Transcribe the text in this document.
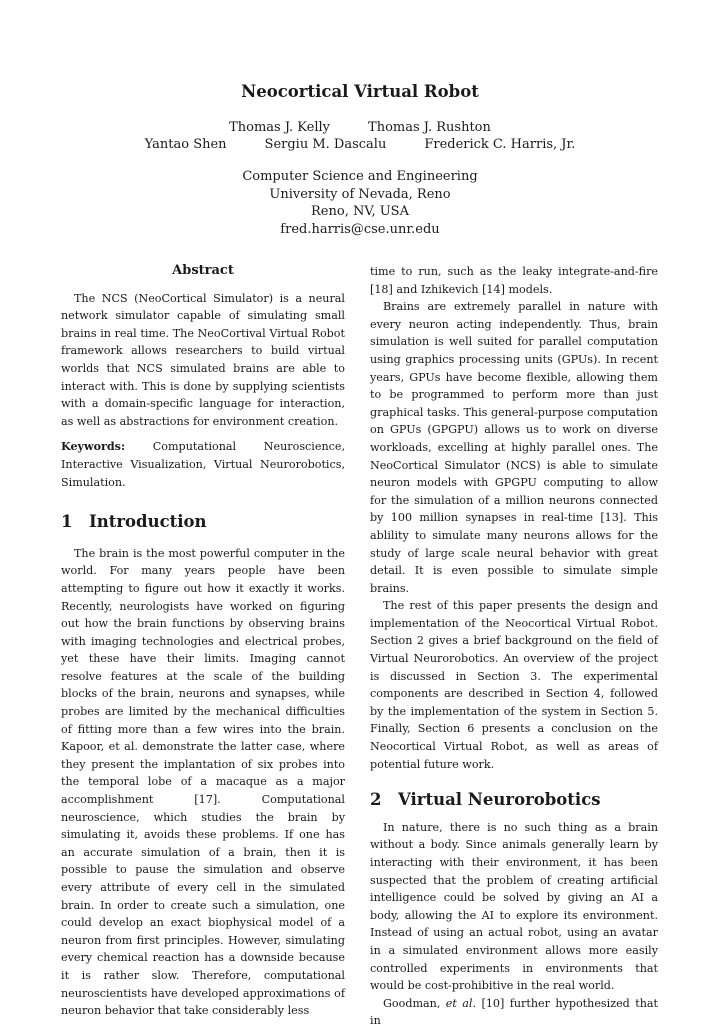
Neocortical Virtual Robot
Thomas J. Kelly	Thomas J. Rushton
Yantao Shen	Sergiu M. Dascalu	Frederick C. Harris, Jr.
Computer Science and Engineering
University of Nevada, Reno
Reno, NV, USA
fred.harris@cse.unr.edu
Abstract

The NCS (NeoCortical Simulator) is a neural network simulator capable of simulating small brains in real time. The NeoCortival Virtual Robot framework allows researchers to build virtual worlds that NCS simulated brains are able to interact with. This is done by supplying scientists with a domain-specific language for interaction, as well as abstractions for environment creation.

Keywords: Computational Neuroscience, Interactive Visualization, Virtual Neurorobotics, Simulation.

1 Introduction

The brain is the most powerful computer in the world. For many years people have been attempting to figure out how it exactly it works. Recently, neurologists have worked on figuring out how the brain functions by observing brains with imaging technologies and electrical probes, yet these have their limits. Imaging cannot resolve features at the scale of the building blocks of the brain, neurons and synapses, while probes are limited by the mechanical difficulties of fitting more than a few wires into the brain. Kapoor, et al. demonstrate the latter case, where they present the implantation of six probes into the temporal lobe of a macaque as a major accomplishment [17]. Computational neuroscience, which studies the brain by simulating it, avoids these problems. If one has an accurate simulation of a brain, then it is possible to pause the simulation and observe every attribute of every cell in the simulated brain. In order to create such a simulation, one could develop an exact biophysical model of a neuron from first principles. However, simulating every chemical reaction has a downside because it is rather slow. Therefore, computational neuroscientists have developed approximations of neuron behavior that take considerably less

time to run, such as the leaky integrate-and-fire [18] and Izhikevich [14] models.

Brains are extremely parallel in nature with every neuron acting independently. Thus, brain simulation is well suited for parallel computation using graphics processing units (GPUs). In recent years, GPUs have become flexible, allowing them to be programmed to perform more than just graphical tasks. This general-purpose computation on GPUs (GPGPU) allows us to work on diverse workloads, excelling at highly parallel ones. The NeoCortical Simulator (NCS) is able to simulate neuron models with GPGPU computing to allow for the simulation of a million neurons connected by 100 million synapses in real-time [13]. This ablility to simulate many neurons allows for the study of large scale neural behavior with great detail. It is even possible to simulate simple brains.

The rest of this paper presents the design and implementation of the Neocortical Virtual Robot. Section 2 gives a brief background on the field of Virtual Neurorobotics. An overview of the project is discussed in Section 3. The experimental components are described in Section 4, followed by the implementation of the system in Section 5. Finally, Section 6 presents a conclusion on the Neocortical Virtual Robot, as well as areas of potential future work.

2 Virtual Neurorobotics

In nature, there is no such thing as a brain without a body. Since animals generally learn by interacting with their environment, it has been suspected that the problem of creating artificial intelligence could be solved by giving an AI a body, allowing the AI to explore its environment. Instead of using an actual robot, using an avatar in a simulated environment allows more easily controlled experiments in environments that would be cost-prohibitive in the real world.

Goodman, et al. [10] further hypothesized that in
